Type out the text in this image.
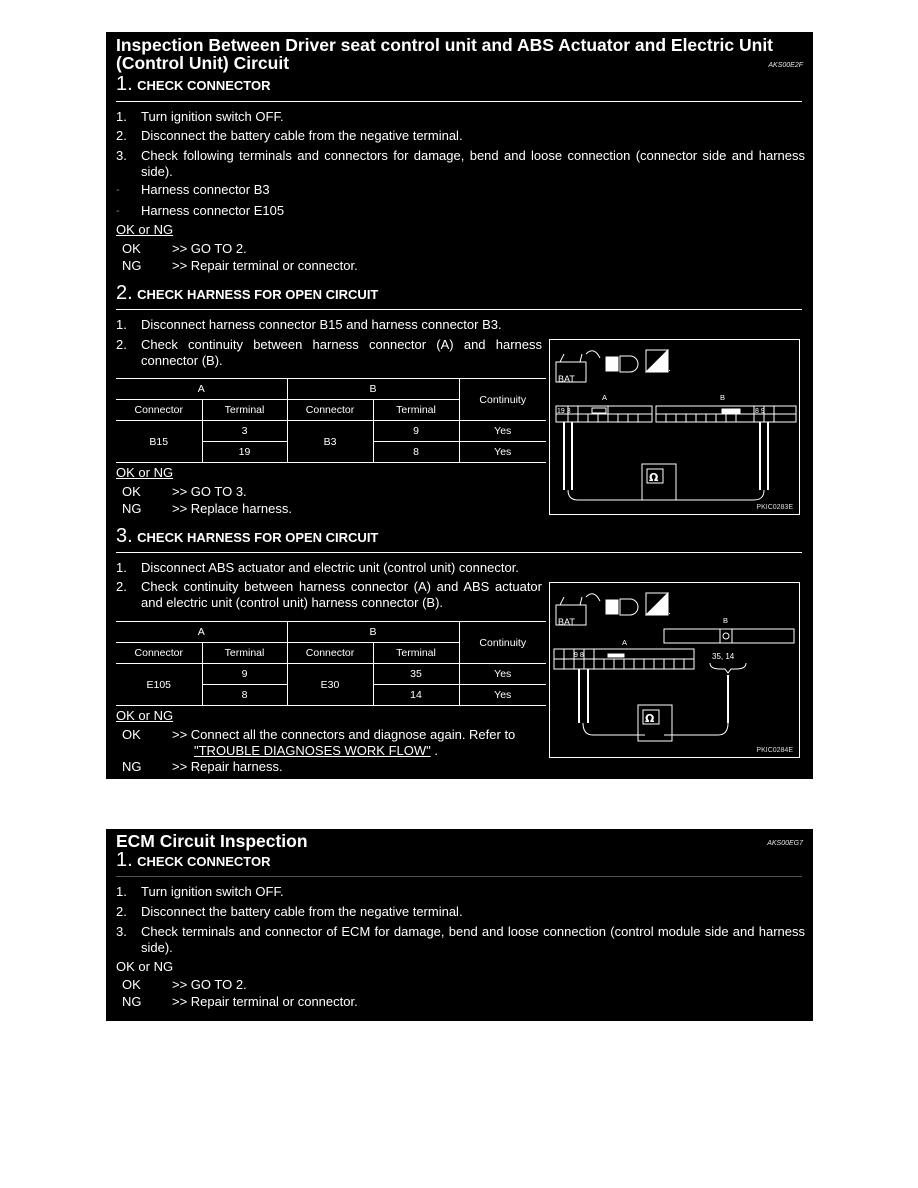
Inspection Between Driver seat control unit and ABS Actuator and Electric Unit
(Control Unit) Circuit	AKS00E2F
1. CHECK CONNECTOR
1. Turn ignition switch OFF.
2. Disconnect the battery cable from the negative terminal.
3. Check following terminals and connectors for damage, bend and loose connection (connector side and harness side).
- Harness connector B3
- Harness connector E105
OK or NG
OK >> GO TO 2.
NG >> Repair terminal or connector.
2. CHECK HARNESS FOR OPEN CIRCUIT
1. Disconnect harness connector B15 and harness connector B3.
2. Check continuity between harness connector (A) and harness connector (B).
A		B		Continuity
Connector	Terminal	Connector	Terminal	
B15	3	B3	9	Yes
	19		8	Yes
OK or NG
OK >> GO TO 3.
NG >> Replace harness.
BAT
T.S.
A	B
19 3	8 9
Ω
PKIC0283E
3. CHECK HARNESS FOR OPEN CIRCUIT
1. Disconnect ABS actuator and electric unit (control unit) connector.
2. Check continuity between harness connector (A) and ABS actuator and electric unit (control unit) harness connector (B).
A		B		Continuity
Connector	Terminal	Connector	Terminal	
E105	9	E30	35	Yes
	8		14	Yes
OK or NG
OK >> Connect all the connectors and diagnose again. Refer to
"TROUBLE DIAGNOSES WORK FLOW" .
NG >> Repair harness.
BAT
T.S.
A
B
9 8	35, 14
Ω
PKIC0284E
ECM Circuit Inspection	AKS00EG7
1. CHECK CONNECTOR
1. Turn ignition switch OFF.
2. Disconnect the battery cable from the negative terminal.
3. Check terminals and connector of ECM for damage, bend and loose connection (control module side and harness side).
OK or NG
OK >> GO TO 2.
NG >> Repair terminal or connector.
